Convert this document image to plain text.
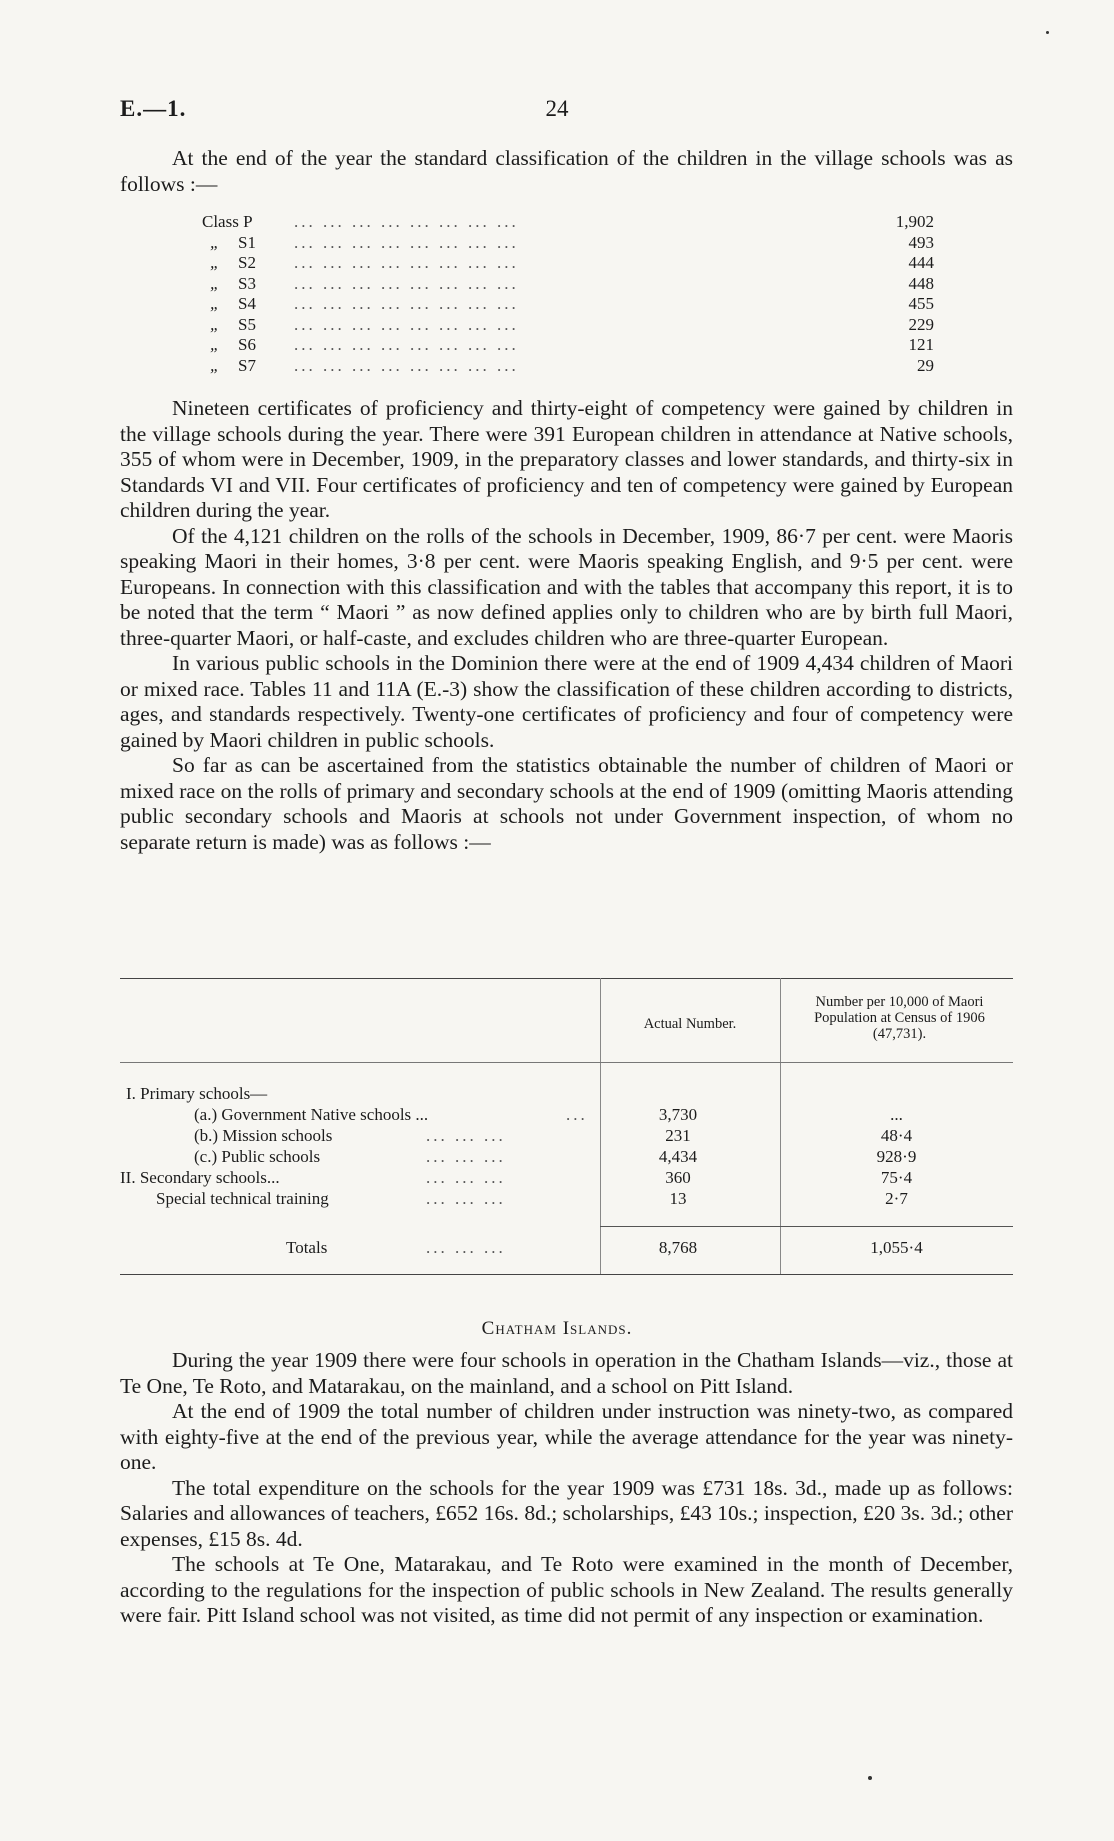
E.—1.	24

At the end of the year the standard classification of the children in the village schools was as follows :—

Class P	... ... ... ... ... ... ... ...	1,902
„	S1	... ... ... ... ... ... ... ...	493
„	S2	... ... ... ... ... ... ... ...	444
„	S3	... ... ... ... ... ... ... ...	448
„	S4	... ... ... ... ... ... ... ...	455
„	S5	... ... ... ... ... ... ... ...	229
„	S6	... ... ... ... ... ... ... ...	121
„	S7	... ... ... ... ... ... ... ...	29

Nineteen certificates of proficiency and thirty-eight of competency were gained by children in the village schools during the year. There were 391 European children in attendance at Native schools, 355 of whom were in December, 1909, in the preparatory classes and lower standards, and thirty-six in Standards VI and VII. Four certificates of proficiency and ten of competency were gained by European children during the year.

Of the 4,121 children on the rolls of the schools in December, 1909, 86·7 per cent. were Maoris speaking Maori in their homes, 3·8 per cent. were Maoris speaking English, and 9·5 per cent. were Europeans. In connection with this classification and with the tables that accompany this report, it is to be noted that the term “ Maori ” as now defined applies only to children who are by birth full Maori, three-quarter Maori, or half-caste, and excludes children who are three-quarter European.

In various public schools in the Dominion there were at the end of 1909 4,434 children of Maori or mixed race. Tables 11 and 11A (E.-3) show the classification of these children according to districts, ages, and standards respectively. Twenty-one certificates of proficiency and four of competency were gained by Maori children in public schools.

So far as can be ascertained from the statistics obtainable the number of children of Maori or mixed race on the rolls of primary and secondary schools at the end of 1909 (omitting Maoris attending public secondary schools and Maoris at schools not under Government inspection, of whom no separate return is made) was as follows :—

Actual Number.
Number per 10,000 of Maori Population at Census of 1906 (47,731).
I. Primary schools—
(a.) Government Native schools ...	...	3,730	...
(b.) Mission schools	... ... ...	231	48·4
(c.) Public schools	... ... ...	4,434	928·9
II. Secondary schools...	... ... ...	360	75·4
Special technical training	... ... ...	13	2·7
Totals	... ... ...	8,768	1,055·4
Chatham Islands.

During the year 1909 there were four schools in operation in the Chatham Islands—viz., those at Te One, Te Roto, and Matarakau, on the mainland, and a school on Pitt Island.

At the end of 1909 the total number of children under instruction was ninety-two, as compared with eighty-five at the end of the previous year, while the average attendance for the year was ninety-one.

The total expenditure on the schools for the year 1909 was £731 18s. 3d., made up as follows: Salaries and allowances of teachers, £652 16s. 8d.; scholarships, £43 10s.; inspection, £20 3s. 3d.; other expenses, £15 8s. 4d.

The schools at Te One, Matarakau, and Te Roto were examined in the month of December, according to the regulations for the inspection of public schools in New Zealand. The results generally were fair. Pitt Island school was not visited, as time did not permit of any inspection or examination.
